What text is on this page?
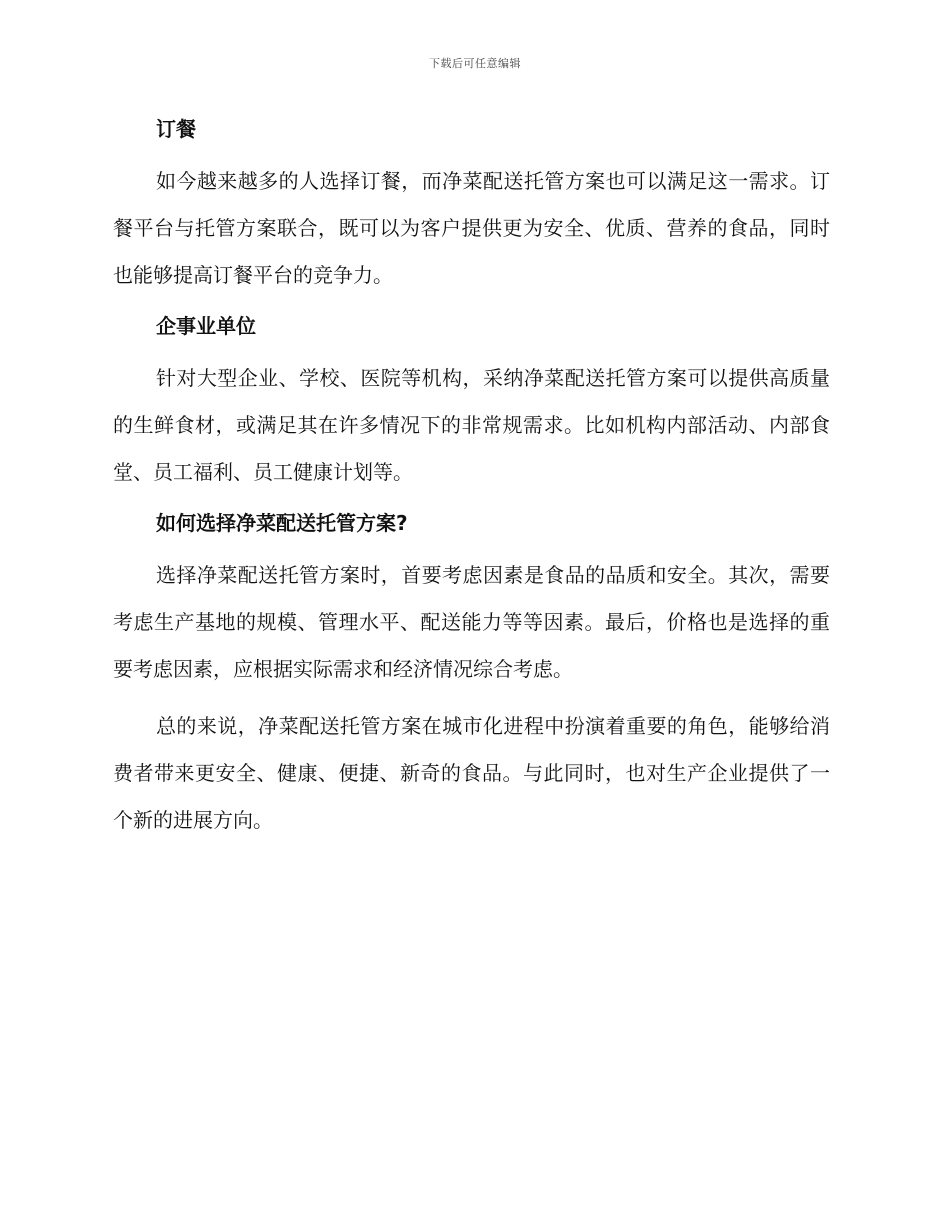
下载后可任意编辑
订餐

如今越来越多的人选择订餐，而净菜配送托管方案也可以满足这一需求。订餐平台与托管方案联合，既可以为客户提供更为安全、优质、营养的食品，同时也能够提高订餐平台的竞争力。

企事业单位

针对大型企业、学校、医院等机构，采纳净菜配送托管方案可以提供高质量的生鲜食材，或满足其在许多情况下的非常规需求。比如机构内部活动、内部食堂、员工福利、员工健康计划等。

如何选择净菜配送托管方案?

选择净菜配送托管方案时，首要考虑因素是食品的品质和安全。其次，需要考虑生产基地的规模、管理水平、配送能力等等因素。最后，价格也是选择的重要考虑因素，应根据实际需求和经济情况综合考虑。

总的来说，净菜配送托管方案在城市化进程中扮演着重要的角色，能够给消费者带来更安全、健康、便捷、新奇的食品。与此同时，也对生产企业提供了一个新的进展方向。
